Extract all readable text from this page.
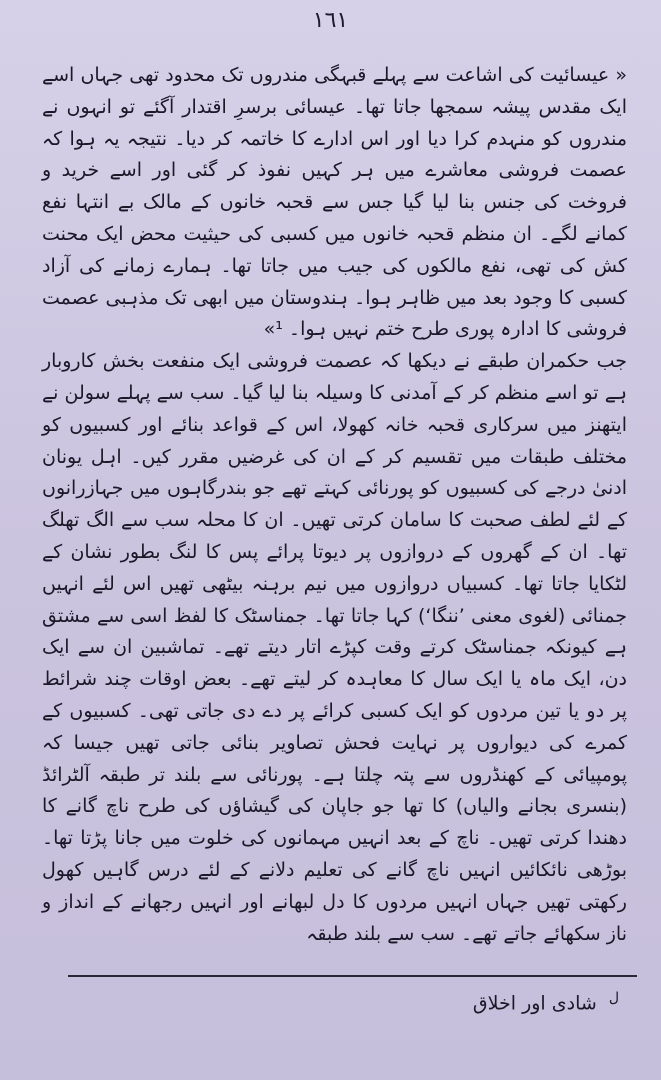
١٦١

« عیسائیت کی اشاعت سے پہلے قبہگی مندروں تک محدود تھی جہاں اسے ایک مقدس پیشہ سمجھا جاتا تھا۔ عیسائی برسرِ اقتدار آگئے تو انہوں نے مندروں کو منہدم کرا دیا اور اس ادارے کا خاتمہ کر دیا۔ نتیجہ یہ ہوا کہ عصمت فروشی معاشرے میں ہر کہیں نفوذ کر گئی اور اسے خرید و فروخت کی جنس بنا لیا گیا جس سے قحبہ خانوں کے مالک بے انتہا نفع کمانے لگے۔ ان منظم قحبہ خانوں میں کسبی کی حیثیت محض ایک محنت کش کی تھی، نفع مالکوں کی جیب میں جاتا تھا۔ ہمارے زمانے کی آزاد کسبی کا وجود بعد میں ظاہر ہوا۔ ہندوستان میں ابھی تک مذہبی عصمت فروشی کا ادارہ پوری طرح ختم نہیں ہوا۔ ¹»

جب حکمران طبقے نے دیکھا کہ عصمت فروشی ایک منفعت بخش کاروبار ہے تو اسے منظم کر کے آمدنی کا وسیلہ بنا لیا گیا۔ سب سے پہلے سولن نے ایتھنز میں سرکاری قحبہ خانہ کھولا، اس کے قواعد بنائے اور کسبیوں کو مختلف طبقات میں تقسیم کر کے ان کی غرضیں مقرر کیں۔ اہل یونان ادنیٰ درجے کی کسبیوں کو پورنائی کہتے تھے جو بندرگاہوں میں جہازرانوں کے لئے لطف صحبت کا سامان کرتی تھیں۔ ان کا محلہ سب سے الگ تھلگ تھا۔ ان کے گھروں کے دروازوں پر دیوتا پرائے پس کا لنگ بطور نشان کے لٹکایا جاتا تھا۔ کسبیاں دروازوں میں نیم برہنہ بیٹھی تھیں اس لئے انہیں جمنائی (لغوی معنی ’ننگا‘) کہا جاتا تھا۔ جمناسٹک کا لفظ اسی سے مشتق ہے کیونکہ جمناسٹک کرتے وقت کپڑے اتار دیتے تھے۔ تماشبین ان سے ایک دن، ایک ماہ یا ایک سال کا معاہدہ کر لیتے تھے۔ بعض اوقات چند شرائط پر دو یا تین مردوں کو ایک کسبی کرائے پر دے دی جاتی تھی۔ کسبیوں کے کمرے کی دیواروں پر نہایت فحش تصاویر بنائی جاتی تھیں جیسا کہ پومپیائی کے کھنڈروں سے پتہ چلتا ہے۔ پورنائی سے بلند تر طبقہ آلٹرائڈ (بنسری بجانے والیاں) کا تھا جو جاپان کی گیشاؤں کی طرح ناچ گانے کا دھندا کرتی تھیں۔ ناچ کے بعد انہیں مہمانوں کی خلوت میں جانا پڑتا تھا۔ بوڑھی نائکائیں انہیں ناچ گانے کی تعلیم دلانے کے لئے درس گاہیں کھول رکھتی تھیں جہاں انہیں مردوں کا دل لبھانے اور انہیں رجھانے کے انداز و ناز سکھائے جاتے تھے۔ سب سے بلند طبقہ

$^ل$ شادی اور اخلاق
